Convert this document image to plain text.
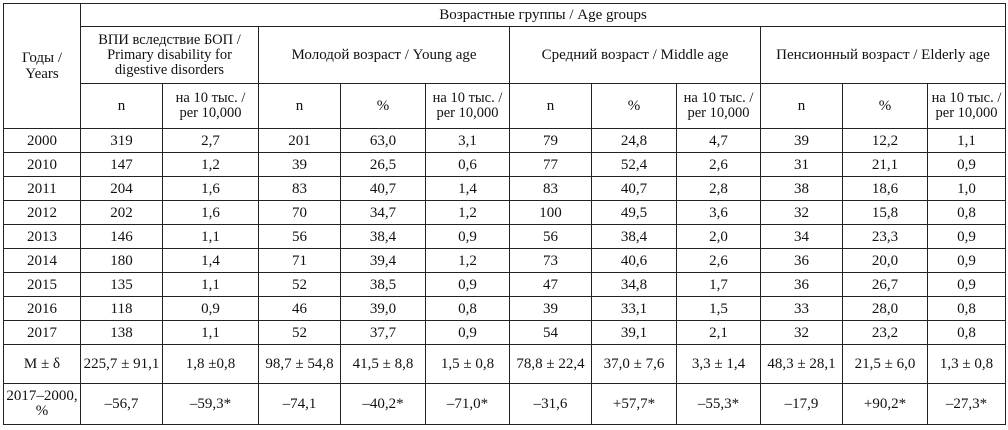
Годы / Years	Возрастные группы / Age groups										
	ВПИ вследствие БОП / Primary disability for digestive disorders		Молодой возраст / Young age			Средний возраст / Middle age			Пенсионный возраст / Elderly age		
	n	на 10 тыс. / per 10,000	n	%	на 10 тыс. / per 10,000	n	%	на 10 тыс. / per 10,000	n	%	на 10 тыс. / per 10,000
2000	319	2,7	201	63,0	3,1	79	24,8	4,7	39	12,2	1,1
2010	147	1,2	39	26,5	0,6	77	52,4	2,6	31	21,1	0,9
2011	204	1,6	83	40,7	1,4	83	40,7	2,8	38	18,6	1,0
2012	202	1,6	70	34,7	1,2	100	49,5	3,6	32	15,8	0,8
2013	146	1,1	56	38,4	0,9	56	38,4	2,0	34	23,3	0,9
2014	180	1,4	71	39,4	1,2	73	40,6	2,6	36	20,0	0,9
2015	135	1,1	52	38,5	0,9	47	34,8	1,7	36	26,7	0,9
2016	118	0,9	46	39,0	0,8	39	33,1	1,5	33	28,0	0,8
2017	138	1,1	52	37,7	0,9	54	39,1	2,1	32	23,2	0,8
M ± δ	225,7 ± 91,1	1,8 ±0,8	98,7 ± 54,8	41,5 ± 8,8	1,5 ± 0,8	78,8 ± 22,4	37,0 ± 7,6	3,3 ± 1,4	48,3 ± 28,1	21,5 ± 6,0	1,3 ± 0,8
2017–2000, %	–56,7	–59,3*	–74,1	–40,2*	–71,0*	–31,6	+57,7*	–55,3*	–17,9	+90,2*	–27,3*
